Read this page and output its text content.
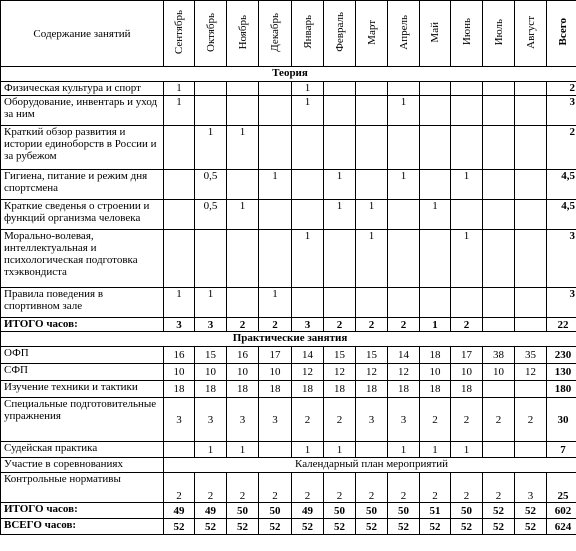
Содержание занятий	Сентябрь	Октябрь	Ноябрь	Декабрь	Январь	Февраль	Март	Апрель	Май	Июнь	Июль	Август	Всего
Теория													
Физическая культура и спорт	1				1								2
Оборудование, инвентарь и уход за ним	1				1			1					3
Краткий обзор развития и истории единоборств в России и за рубежом		1	1										2
Гигиена, питание и режим дня спортсмена		0,5		1		1		1		1			4,5
Краткие сведенья о строении и функций организма человека		0,5	1			1	1		1				4,5
Морально-волевая, интеллектуальная и психологическая подготовка тхэквондиста					1		1			1			3
Правила поведения в спортивном зале	1	1		1									3
ИТОГО часов:	3	3	2	2	3	2	2	2	1	2			22
Практические занятия													
ОФП	16	15	16	17	14	15	15	14	18	17	38	35	230
СФП	10	10	10	10	12	12	12	12	10	10	10	12	130
Изучение техники и тактики	18	18	18	18	18	18	18	18	18	18			180
Специальные подготовительные упражнения	3	3	3	3	2	2	3	3	2	2	2	2	30
Судейская практика		1	1		1	1		1	1	1			7
Участие в соревнованиях	Календарный план мероприятий												
Контрольные нормативы	2	2	2	2	2	2	2	2	2	2	2	3	25
ИТОГО часов:	49	49	50	50	49	50	50	50	51	50	52	52	602
ВСЕГО часов:	52	52	52	52	52	52	52	52	52	52	52	52	624
